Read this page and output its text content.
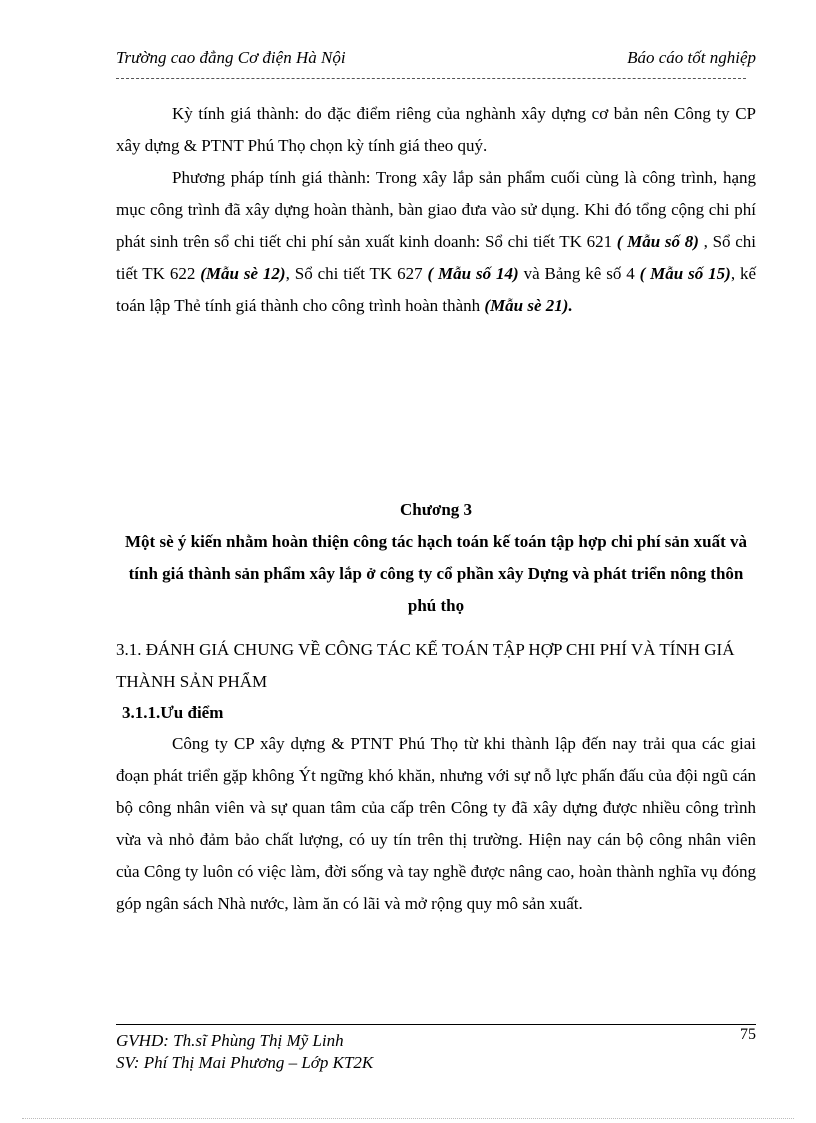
Trường cao đẳng Cơ điện Hà Nội	Báo cáo tốt nghiệp

Kỳ tính giá thành: do đặc điểm riêng của nghành xây dựng cơ bản nên Công ty CP xây dựng & PTNT Phú Thọ chọn kỳ tính giá theo quý.

Phương pháp tính giá thành: Trong xây lắp sản phẩm cuối cùng là công trình, hạng mục công trình đã xây dựng hoàn thành, bàn giao đưa vào sử dụng. Khi đó tổng cộng chi phí phát sinh trên sổ chi tiết chi phí sản xuất kinh doanh: Sổ chi tiết TK 621 ( Mẫu số 8) , Sổ chi tiết TK 622 (Mẫu sè 12), Sổ chi tiết TK 627 ( Mẫu số 14) và Bảng kê số 4 ( Mẫu số 15), kế toán lập Thẻ tính giá thành cho công trình hoàn thành (Mẫu sè 21).

Chương 3
Một sè ý kiến nhằm hoàn thiện công tác hạch toán kế toán tập hợp chi phí sản xuất và tính giá thành sản phẩm xây lắp ở công ty cổ phần xây Dựng và phát triển nông thôn phú thọ
3.1. ĐÁNH GIÁ CHUNG VỀ CÔNG TÁC KẾ TOÁN TẬP HỢP CHI PHÍ VÀ TÍNH GIÁ THÀNH SẢN PHẨM
3.1.1.Ưu điểm

Công ty CP xây dựng & PTNT Phú Thọ từ khi thành lập đến nay trải qua các giai đoạn phát triển gặp không Ýt ngững khó khăn, nhưng với sự nỗ lực phấn đấu của đội ngũ cán bộ công nhân viên và sự quan tâm của cấp trên Công ty đã xây dựng được nhiều công trình vừa và nhỏ đảm bảo chất lượng, có uy tín trên thị trường. Hiện nay cán bộ công nhân viên của Công ty luôn có việc làm, đời sống và tay nghề được nâng cao, hoàn thành nghĩa vụ đóng góp ngân sách Nhà nước, làm ăn có lãi và mở rộng quy mô sản xuất.

75
GVHD: Th.sĩ Phùng Thị Mỹ Linh
SV: Phí Thị Mai Phương – Lớp KT2K
